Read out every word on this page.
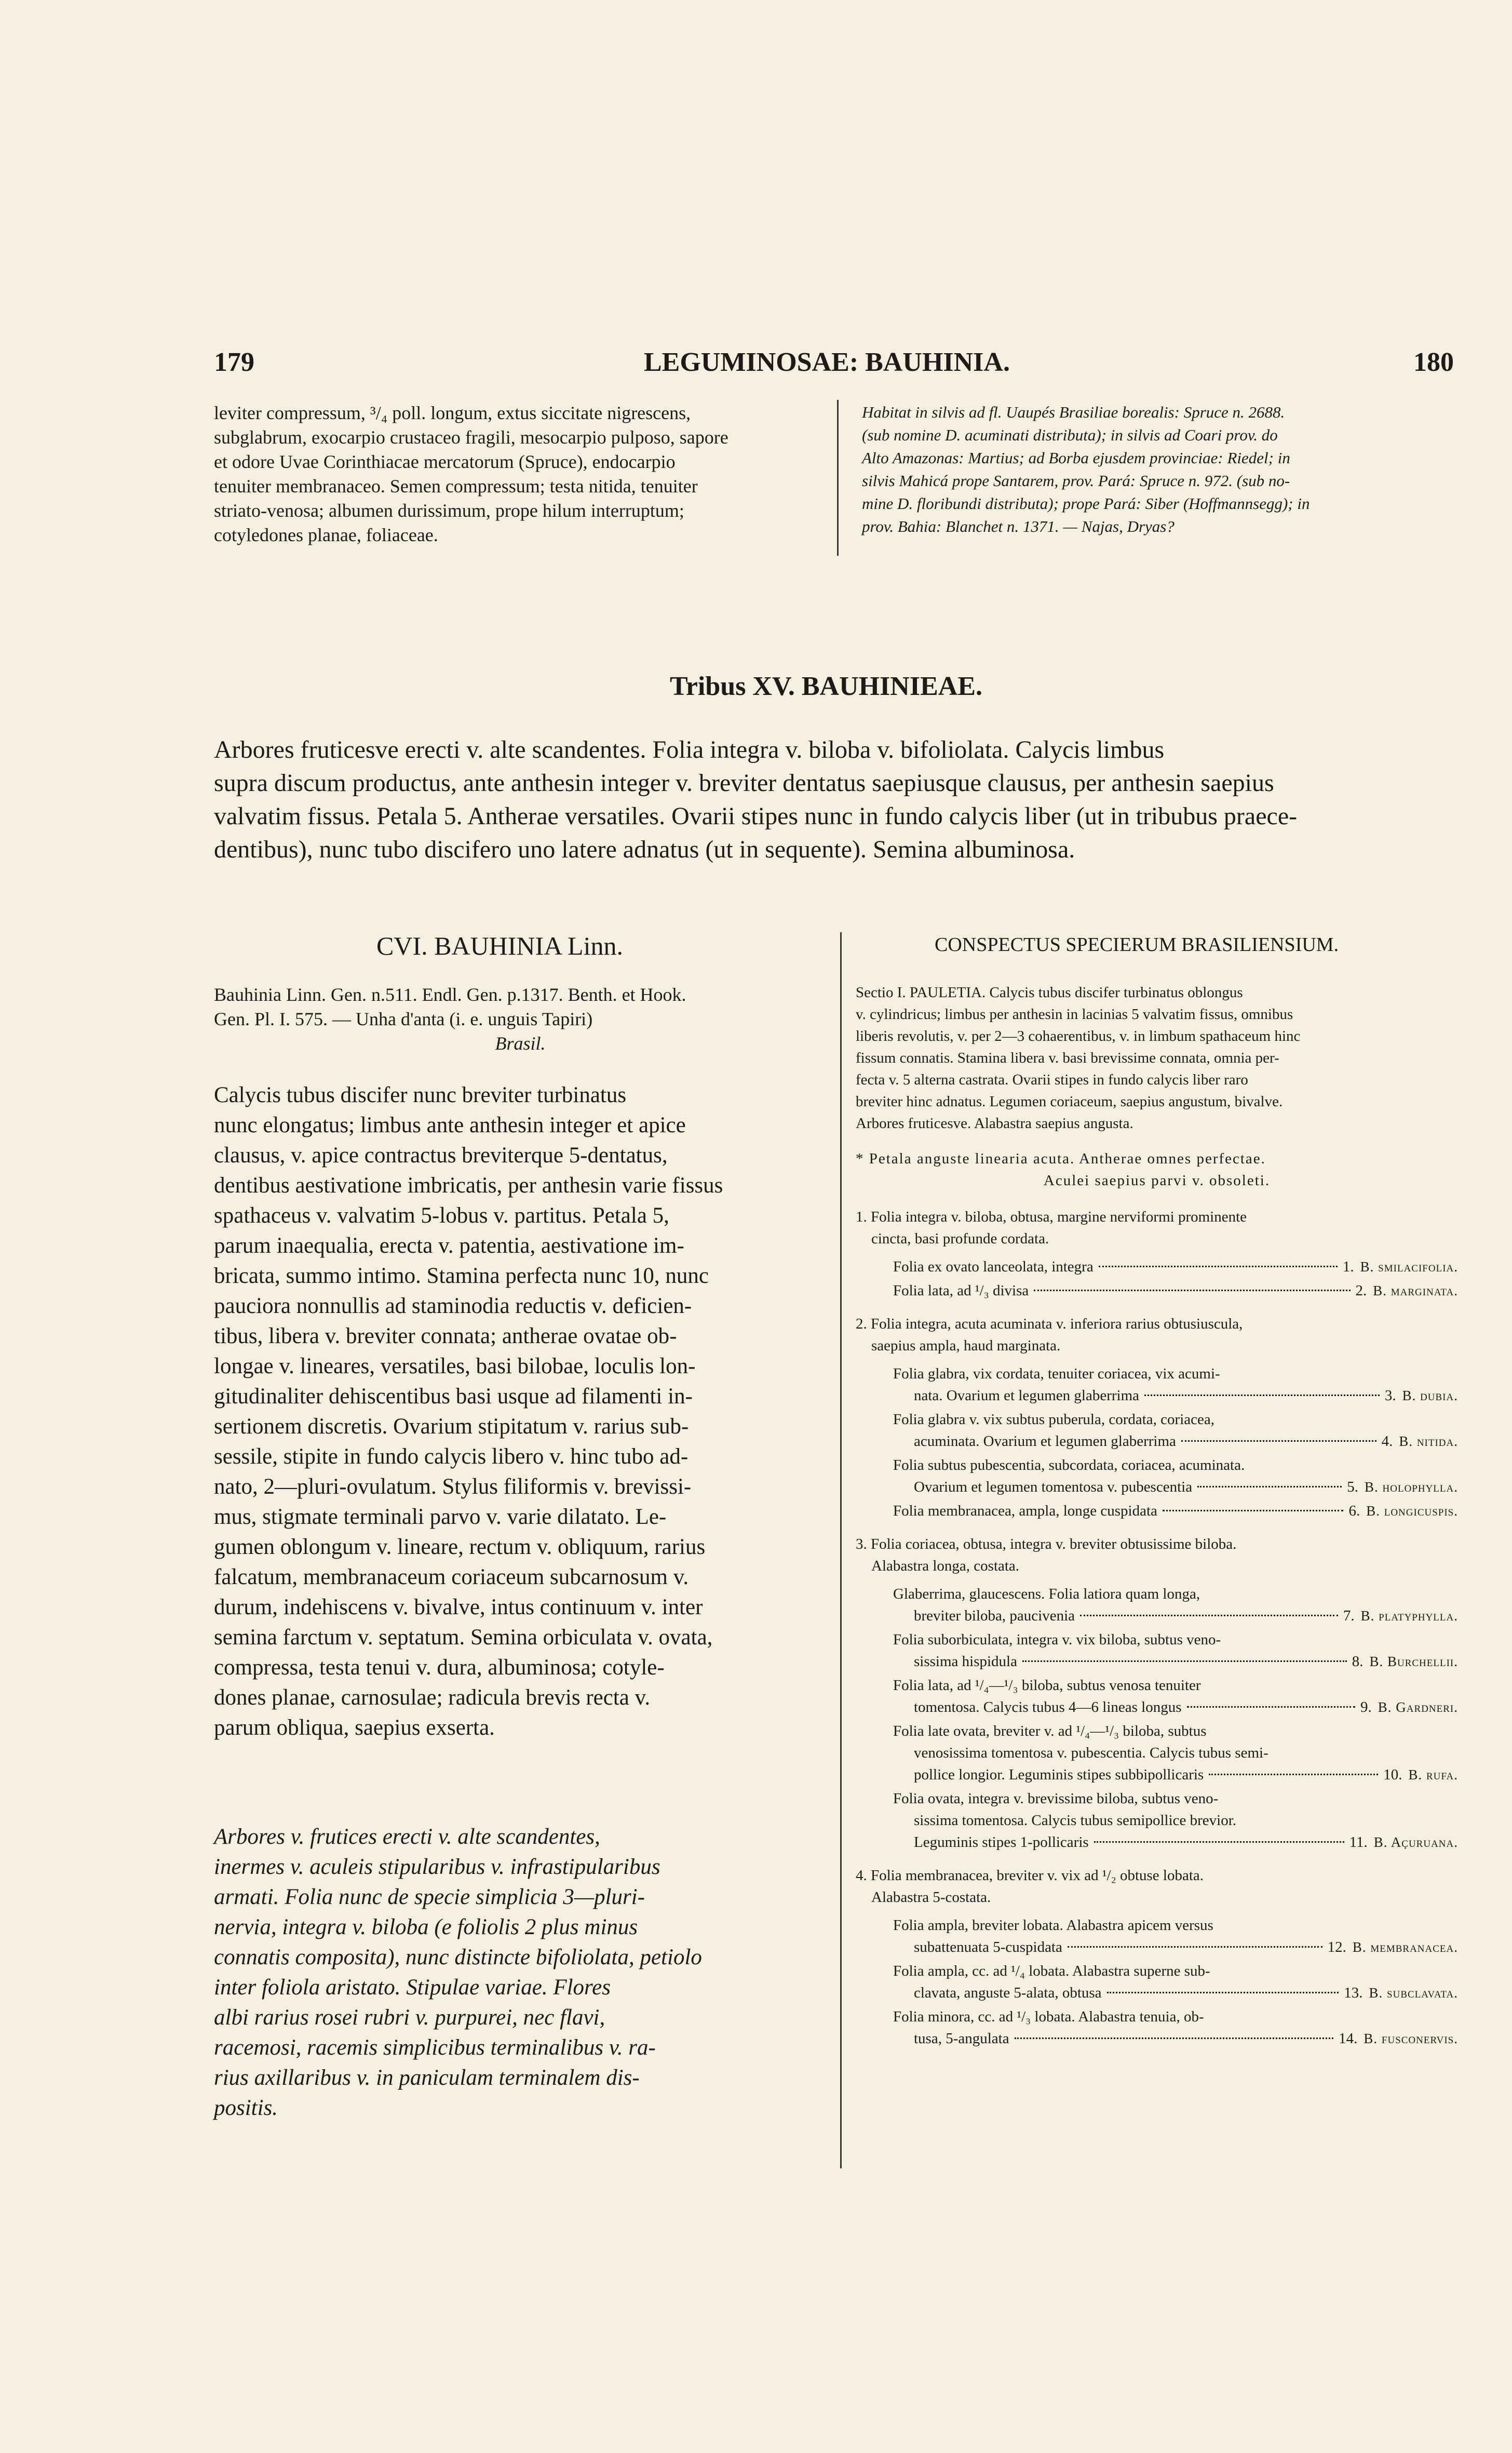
179	LEGUMINOSAE: BAUHINIA.	180
leviter compressum, ³/₄ poll. longum, extus siccitate nigrescens,
subglabrum, exocarpio crustaceo fragili, mesocarpio pulposo, sapore
et odore Uvae Corinthiacae mercatorum (Spruce), endocarpio
tenuiter membranaceo. Semen compressum; testa nitida, tenuiter
striato-venosa; albumen durissimum, prope hilum interruptum;
cotyledones planae, foliaceae.
Habitat in silvis ad fl. Uaupés Brasiliae borealis: Spruce n. 2688.
(sub nomine D. acuminati distributa); in silvis ad Coari prov. do
Alto Amazonas: Martius; ad Borba ejusdem provinciae: Riedel; in
silvis Mahicá prope Santarem, prov. Pará: Spruce n. 972. (sub no-
mine D. floribundi distributa); prope Pará: Siber (Hoffmannsegg); in
prov. Bahia: Blanchet n. 1371. — Najas, Dryas?
Tribus XV. BAUHINIEAE.
Arbores fruticesve erecti v. alte scandentes. Folia integra v. biloba v. bifoliolata. Calycis limbus
supra discum productus, ante anthesin integer v. breviter dentatus saepiusque clausus, per anthesin saepius
valvatim fissus. Petala 5. Antherae versatiles. Ovarii stipes nunc in fundo calycis liber (ut in tribubus praece-
dentibus), nunc tubo discifero uno latere adnatus (ut in sequente). Semina albuminosa.
CVI. BAUHINIA Linn.
Bauhinia Linn. Gen. n.511. Endl. Gen. p.1317. Benth. et Hook.
Gen. Pl. I. 575. — Unha d'anta (i. e. unguis Tapiri)
Brasil.
Calycis tubus discifer nunc breviter turbinatus
nunc elongatus; limbus ante anthesin integer et apice
clausus, v. apice contractus breviterque 5-dentatus,
dentibus aestivatione imbricatis, per anthesin varie fissus
spathaceus v. valvatim 5-lobus v. partitus. Petala 5,
parum inaequalia, erecta v. patentia, aestivatione im-
bricata, summo intimo. Stamina perfecta nunc 10, nunc
pauciora nonnullis ad staminodia reductis v. deficien-
tibus, libera v. breviter connata; antherae ovatae ob-
longae v. lineares, versatiles, basi bilobae, loculis lon-
gitudinaliter dehiscentibus basi usque ad filamenti in-
sertionem discretis. Ovarium stipitatum v. rarius sub-
sessile, stipite in fundo calycis libero v. hinc tubo ad-
nato, 2—pluri-ovulatum. Stylus filiformis v. brevissi-
mus, stigmate terminali parvo v. varie dilatato. Le-
gumen oblongum v. lineare, rectum v. obliquum, rarius
falcatum, membranaceum coriaceum subcarnosum v.
durum, indehiscens v. bivalve, intus continuum v. inter
semina farctum v. septatum. Semina orbiculata v. ovata,
compressa, testa tenui v. dura, albuminosa; cotyle-
dones planae, carnosulae; radicula brevis recta v.
parum obliqua, saepius exserta.
Arbores v. frutices erecti v. alte scandentes,
inermes v. aculeis stipularibus v. infrastipularibus
armati. Folia nunc de specie simplicia 3—pluri-
nervia, integra v. biloba (e foliolis 2 plus minus
connatis composita), nunc distincte bifoliolata, petiolo
inter foliola aristato. Stipulae variae. Flores
albi rarius rosei rubri v. purpurei, nec flavi,
racemosi, racemis simplicibus terminalibus v. ra-
rius axillaribus v. in paniculam terminalem dis-
positis.
CONSPECTUS SPECIERUM BRASILIENSIUM.
Sectio I. PAULETIA. Calycis tubus discifer turbinatus oblongus
v. cylindricus; limbus per anthesin in lacinias 5 valvatim fissus, omnibus
liberis revolutis, v. per 2—3 cohaerentibus, v. in limbum spathaceum hinc
fissum connatis. Stamina libera v. basi brevissime connata, omnia per-
fecta v. 5 alterna castrata. Ovarii stipes in fundo calycis liber raro
breviter hinc adnatus. Legumen coriaceum, saepius angustum, bivalve.
Arbores fruticesve. Alabastra saepius angusta.
* Petala anguste linearia acuta. Antherae omnes perfectae.
Aculei saepius parvi v. obsoleti.
1. Folia integra v. biloba, obtusa, margine nerviformi prominente
cincta, basi profunde cordata.
Folia ex ovato lanceolata, integra	1. B. smilacifolia.
Folia lata, ad ¹/₃ divisa	2. B. marginata.
2. Folia integra, acuta acuminata v. inferiora rarius obtusiuscula,
saepius ampla, haud marginata.
Folia glabra, vix cordata, tenuiter coriacea, vix acumi-
nata. Ovarium et legumen glaberrima	3. B. dubia.
Folia glabra v. vix subtus puberula, cordata, coriacea,
acuminata. Ovarium et legumen glaberrima	4. B. nitida.
Folia subtus pubescentia, subcordata, coriacea, acuminata.
Ovarium et legumen tomentosa v. pubescentia	5. B. holophylla.
Folia membranacea, ampla, longe cuspidata	6. B. longicuspis.
3. Folia coriacea, obtusa, integra v. breviter obtusissime biloba.
Alabastra longa, costata.
Glaberrima, glaucescens. Folia latiora quam longa,
breviter biloba, paucivenia	7. B. platyphylla.
Folia suborbiculata, integra v. vix biloba, subtus veno-
sissima hispidula	8. B. Burchellii.
Folia lata, ad ¹/₄—¹/₃ biloba, subtus venosa tenuiter
tomentosa. Calycis tubus 4—6 lineas longus	9. B. Gardneri.
Folia late ovata, breviter v. ad ¹/₄—¹/₃ biloba, subtus
venosissima tomentosa v. pubescentia. Calycis tubus semi-
pollice longior. Leguminis stipes subbipollicaris	10. B. rufa.
Folia ovata, integra v. brevissime biloba, subtus veno-
sissima tomentosa. Calycis tubus semipollice brevior.
Leguminis stipes 1-pollicaris	11. B. Açuruana.
4. Folia membranacea, breviter v. vix ad ¹/₂ obtuse lobata.
Alabastra 5-costata.
Folia ampla, breviter lobata. Alabastra apicem versus
subattenuata 5-cuspidata	12. B. membranacea.
Folia ampla, cc. ad ¹/₄ lobata. Alabastra superne sub-
clavata, anguste 5-alata, obtusa	13. B. subclavata.
Folia minora, cc. ad ¹/₃ lobata. Alabastra tenuia, ob-
tusa, 5-angulata	14. B. fusconervis.
